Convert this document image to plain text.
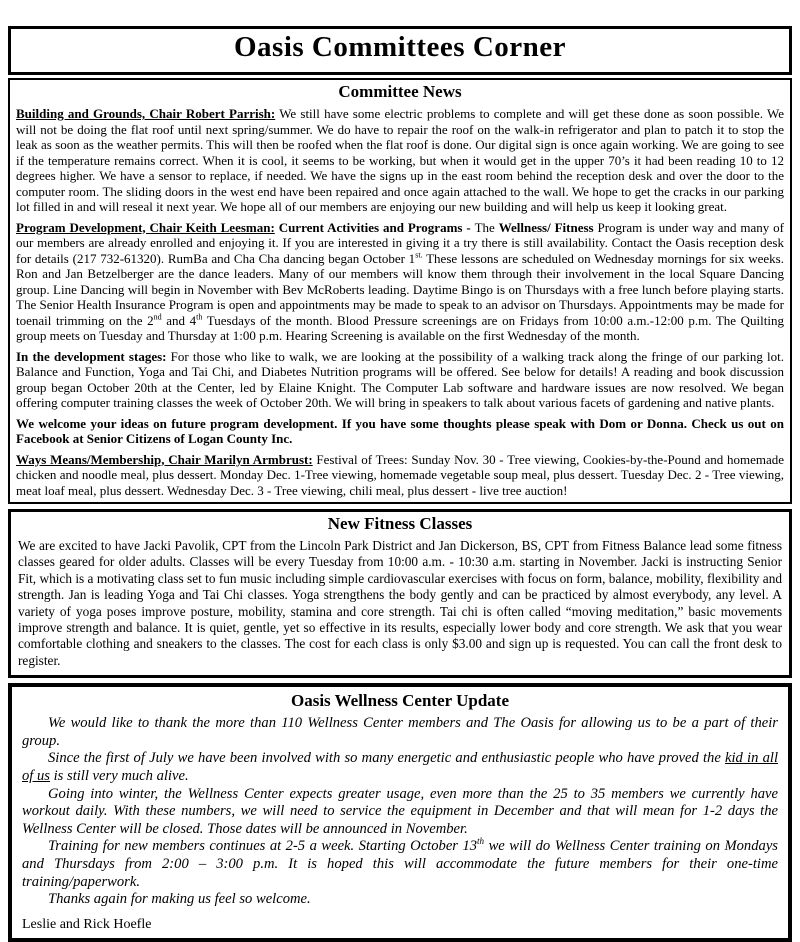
Oasis Committees Corner
Committee News

Building and Grounds, Chair Robert Parrish: We still have some electric problems to complete and will get these done as soon possible. We will not be doing the flat roof until next spring/summer. We do have to repair the roof on the walk-in refrigerator and plan to patch it to stop the leak as soon as the weather permits. This will then be roofed when the flat roof is done. Our digital sign is once again working. We are going to see if the temperature remains correct. When it is cool, it seems to be working, but when it would get in the upper 70’s it had been reading 10 to 12 degrees higher. We have a sensor to replace, if needed. We have the signs up in the east room behind the reception desk and over the door to the computer room. The sliding doors in the west end have been repaired and once again attached to the wall. We hope to get the cracks in our parking lot filled in and will reseal it next year. We hope all of our members are enjoying our new building and will help us keep it looking great.

Program Development, Chair Keith Leesman: Current Activities and Programs - The Wellness/ Fitness Program is under way and many of our members are already enrolled and enjoying it. If you are interested in giving it a try there is still availability. Contact the Oasis reception desk for details (217 732-61320). RumBa and Cha Cha dancing began October $1^{st.}$ These lessons are scheduled on Wednesday mornings for six weeks. Ron and Jan Betzelberger are the dance leaders. Many of our members will know them through their involvement in the local Square Dancing group. Line Dancing will begin in November with Bev McRoberts leading. Daytime Bingo is on Thursdays with a free lunch before playing starts. The Senior Health Insurance Program is open and appointments may be made to speak to an advisor on Thursdays. Appointments may be made for toenail trimming on the 2nd and 4th Tuesdays of the month. Blood Pressure screenings are on Fridays from 10:00 a.m.-12:00 p.m. The Quilting group meets on Tuesday and Thursday at 1:00 p.m. Hearing Screening is available on the first Wednesday of the month.

In the development stages: For those who like to walk, we are looking at the possibility of a walking track along the fringe of our parking lot. Balance and Function, Yoga and Tai Chi, and Diabetes Nutrition programs will be offered. See below for details! A reading and book discussion group began October 20th at the Center, led by Elaine Knight. The Computer Lab software and hardware issues are now resolved. We began offering computer training classes the week of October 20th. We will bring in speakers to talk about various facets of gardening and native plants.

We welcome your ideas on future program development. If you have some thoughts please speak with Dom or Donna. Check us out on Facebook at Senior Citizens of Logan County Inc.

Ways Means/Membership, Chair Marilyn Armbrust: Festival of Trees: Sunday Nov. 30 - Tree viewing, Cookies-by-the-Pound and homemade chicken and noodle meal, plus dessert. Monday Dec. 1-Tree viewing, homemade vegetable soup meal, plus dessert. Tuesday Dec. 2 - Tree viewing, meat loaf meal, plus dessert. Wednesday Dec. 3 - Tree viewing, chili meal, plus dessert - live tree auction!

New Fitness Classes

We are excited to have Jacki Pavolik, CPT from the Lincoln Park District and Jan Dickerson, BS, CPT from Fitness Balance lead some fitness classes geared for older adults. Classes will be every Tuesday from 10:00 a.m. - 10:30 a.m. starting in November. Jacki is instructing Senior Fit, which is a motivating class set to fun music including simple cardiovascular exercises with focus on form, balance, mobility, flexibility and strength. Jan is leading Yoga and Tai Chi classes. Yoga strengthens the body gently and can be practiced by almost everybody, any level. A variety of yoga poses improve posture, mobility, stamina and core strength. Tai chi is often called “moving meditation,” basic movements improve strength and balance. It is quiet, gentle, yet so effective in its results, especially lower body and core strength. We ask that you wear comfortable clothing and sneakers to the classes. The cost for each class is only $3.00 and sign up is requested. You can call the front desk to register.

Oasis Wellness Center Update

We would like to thank the more than 110 Wellness Center members and The Oasis for allowing us to be a part of their group.

Since the first of July we have been involved with so many energetic and enthusiastic people who have proved the kid in all of us is still very much alive.

Going into winter, the Wellness Center expects greater usage, even more than the 25 to 35 members we currently have workout daily. With these numbers, we will need to service the equipment in December and that will mean for 1-2 days the Wellness Center will be closed. Those dates will be announced in November.

Training for new members continues at 2-5 a week. Starting October 13th we will do Wellness Center training on Mondays and Thursdays from 2:00 – 3:00 p.m. It is hoped this will accommodate the future members for their one-time training/paperwork.

Thanks again for making us feel so welcome.

Leslie and Rick Hoefle
